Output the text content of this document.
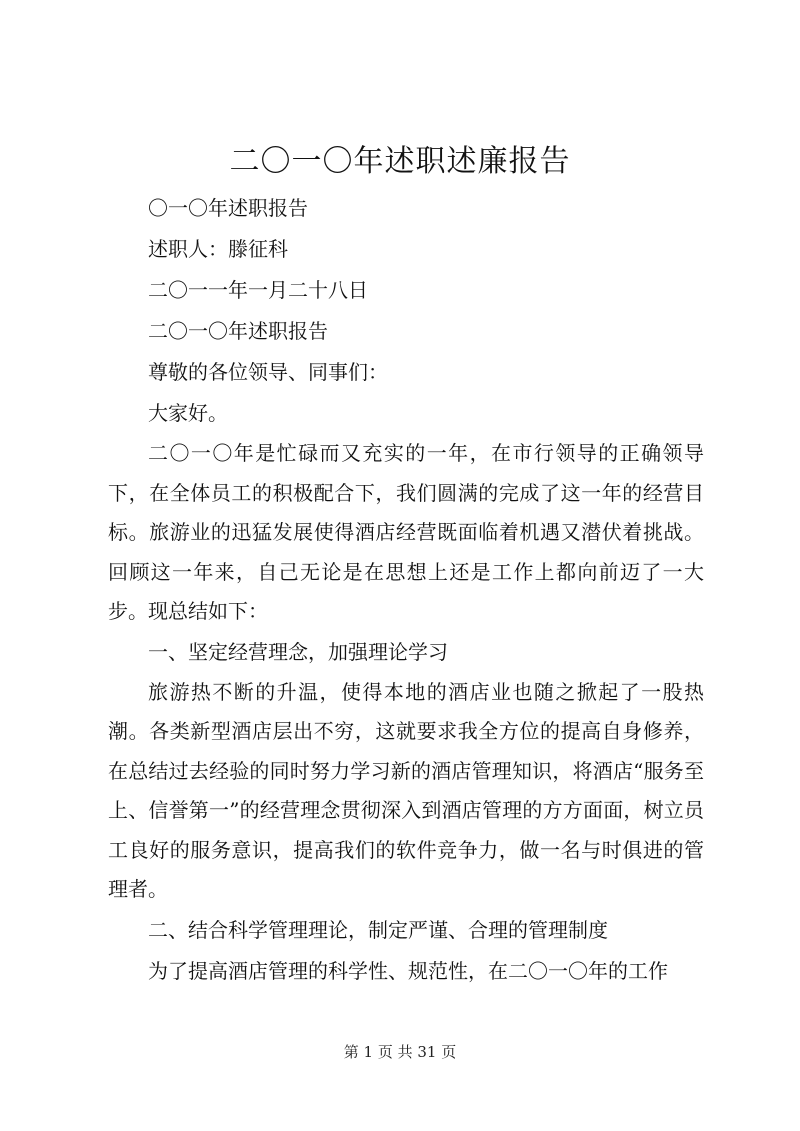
二〇一〇年述职述廉报告

〇一〇年述职报告

述职人：滕征科

二〇一一年一月二十八日

二〇一〇年述职报告

尊敬的各位领导、同事们：

大家好。

二〇一〇年是忙碌而又充实的一年，在市行领导的正确领导下，在全体员工的积极配合下，我们圆满的完成了这一年的经营目标。旅游业的迅猛发展使得酒店经营既面临着机遇又潜伏着挑战。回顾这一年来，自己无论是在思想上还是工作上都向前迈了一大步。现总结如下：

一、坚定经营理念，加强理论学习

旅游热不断的升温，使得本地的酒店业也随之掀起了一股热潮。各类新型酒店层出不穷，这就要求我全方位的提高自身修养，在总结过去经验的同时努力学习新的酒店管理知识，将酒店“服务至上、信誉第一”的经营理念贯彻深入到酒店管理的方方面面，树立员工良好的服务意识，提高我们的软件竞争力，做一名与时俱进的管理者。

二、结合科学管理理论，制定严谨、合理的管理制度

为了提高酒店管理的科学性、规范性，在二〇一〇年的工作

第 1 页 共 31 页
